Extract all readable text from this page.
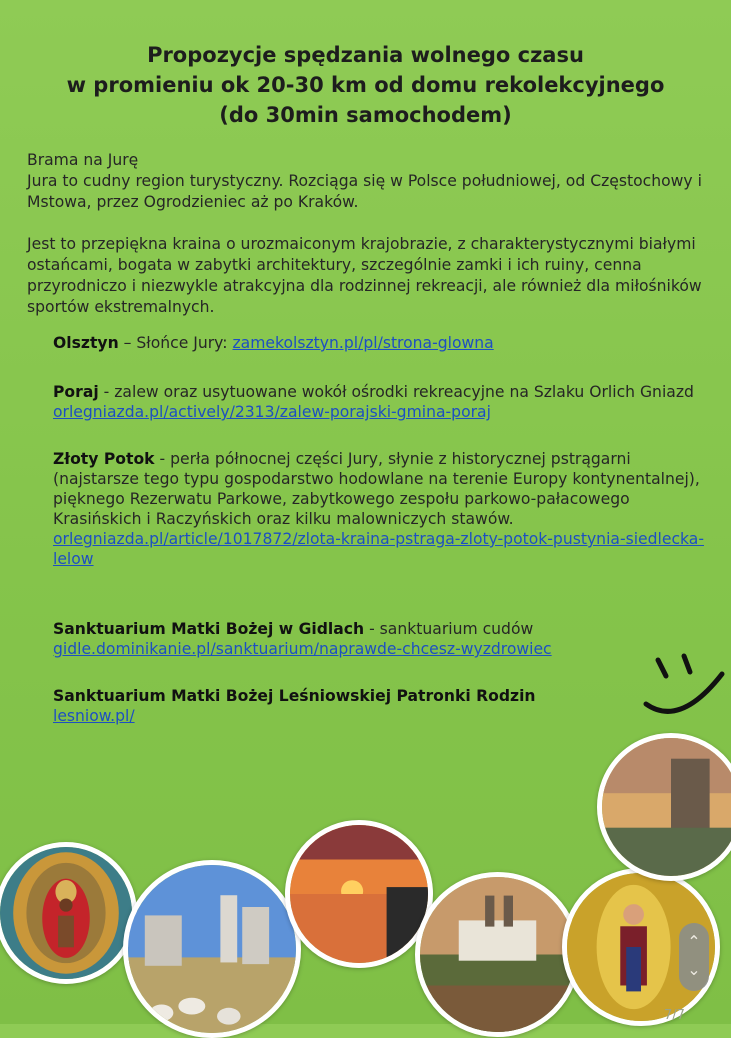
Propozycje spędzania wolnego czasu
w promieniu ok 20-30 km od domu rekolekcyjnego
(do 30min samochodem)

Brama na Jurę

Jura to cudny region turystyczny. Rozciąga się w Polsce południowej, od Częstochowy i Mstowa, przez Ogrodzieniec aż po Kraków.

Jest to przepiękna kraina o urozmaiconym krajobrazie, z charakterystycznymi białymi ostańcami, bogata w zabytki architektury, szczególnie zamki i ich ruiny, cenna przyrodniczo i niezwykle atrakcyjna dla rodzinnej rekreacji, ale również dla miłośników sportów ekstremalnych.

Olsztyn – Słońce Jury: zamekolsztyn.pl/pl/strona-glowna

Poraj - zalew oraz usytuowane wokół ośrodki rekreacyjne na Szlaku Orlich Gniazd orlegniazda.pl/actively/2313/zalew-porajski-gmina-poraj

Złoty Potok - perła północnej części Jury, słynie z historycznej pstrągarni (najstarsze tego typu gospodarstwo hodowlane na terenie Europy kontynentalnej), pięknego Rezerwatu Parkowe, zabytkowego zespołu parkowo-pałacowego Krasińskich i Raczyńskich oraz kilku malowniczych stawów. orlegniazda.pl/article/1017872/zlota-kraina-pstraga-zloty-potok-pustynia-siedlecka-lelow

Sanktuarium Matki Bożej w Gidlach - sanktuarium cudów
gidle.dominikanie.pl/sanktuarium/naprawde-chcesz-wyzdrowiec

Sanktuarium Matki Bożej Leśniowskiej Patronki Rodzin
lesniow.pl/

⌃
⌄
7/7
